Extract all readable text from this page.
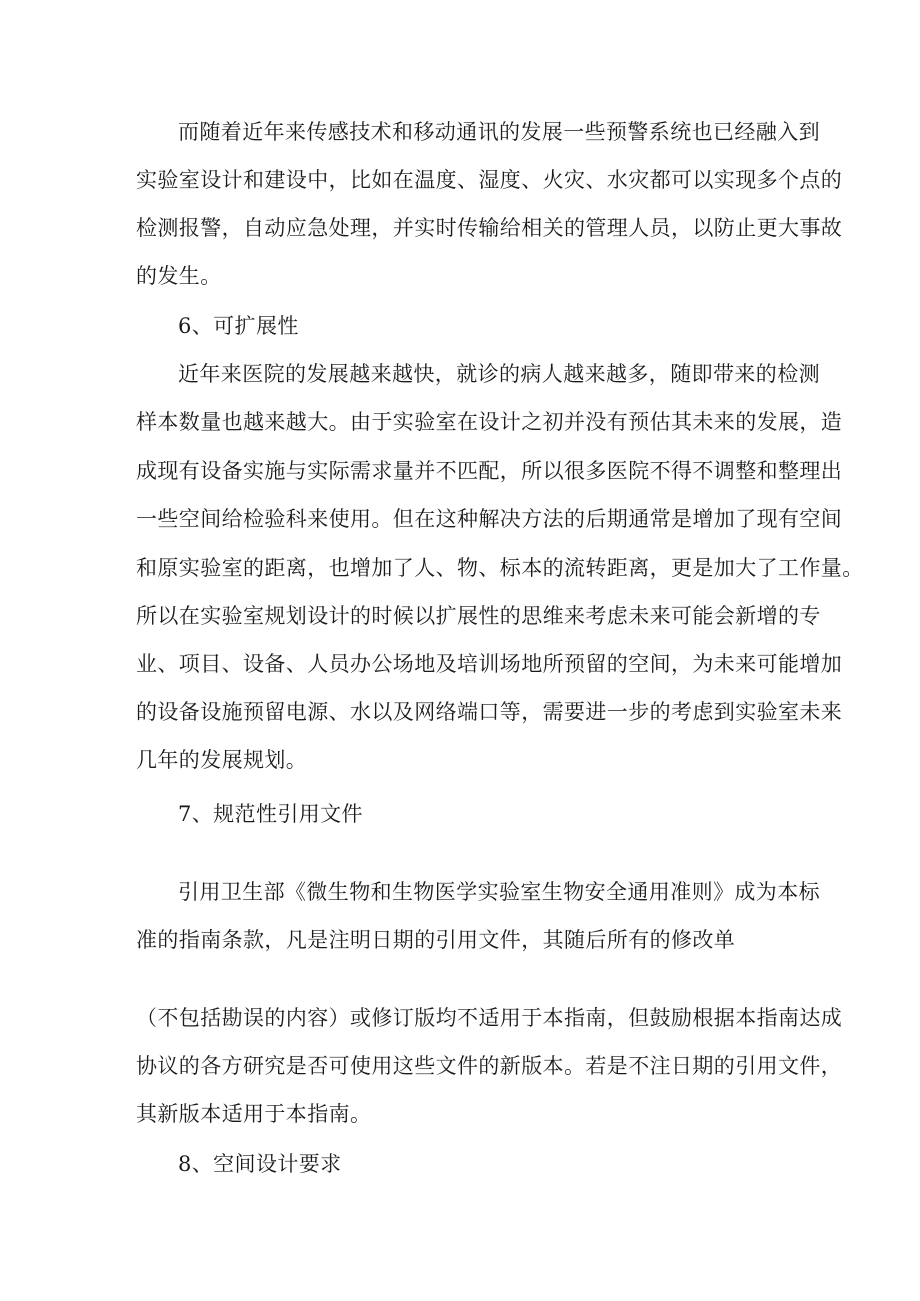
而随着近年来传感技术和移动通讯的发展一些预警系统也已经融入到
实验室设计和建设中，比如在温度、湿度、火灾、水灾都可以实现多个点的
检测报警，自动应急处理，并实时传输给相关的管理人员，以防止更大事故
的发生。
6、可扩展性
近年来医院的发展越来越快，就诊的病人越来越多，随即带来的检测
样本数量也越来越大。由于实验室在设计之初并没有预估其未来的发展，造
成现有设备实施与实际需求量并不匹配，所以很多医院不得不调整和整理出
一些空间给检验科来使用。但在这种解决方法的后期通常是增加了现有空间
和原实验室的距离，也增加了人、物、标本的流转距离，更是加大了工作量。
所以在实验室规划设计的时候以扩展性的思维来考虑未来可能会新增的专
业、项目、设备、人员办公场地及培训场地所预留的空间，为未来可能增加
的设备设施预留电源、水以及网络端口等，需要进一步的考虑到实验室未来
几年的发展规划。
7、规范性引用文件
引用卫生部《微生物和生物医学实验室生物安全通用准则》成为本标
准的指南条款，凡是注明日期的引用文件，其随后所有的修改单
（不包括勘误的内容）或修订版均不适用于本指南，但鼓励根据本指南达成
协议的各方研究是否可使用这些文件的新版本。若是不注日期的引用文件，
其新版本适用于本指南。
8、空间设计要求
